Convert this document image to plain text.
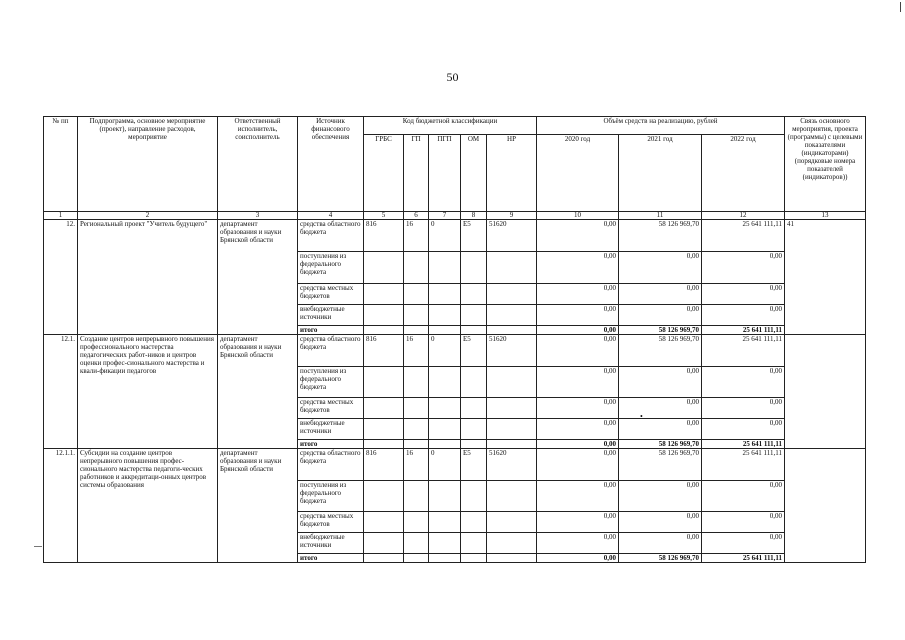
50
№ пп	Подпрограмма, основное мероприятие (проект), направление расходов, мероприятие	Ответственный исполнитель, соисполнитель	Источник финансового обеспечения	Код бюджетной классификации					Объём средств на реализацию, рублей			Связь основного мероприятия, проекта (программы) с целевыми показателями (индикаторами) (порядковые номера показателей (индикаторов))
				ГРБС	ГП	ПГП	ОМ	НР	2020 год	2021 год	2022 год	
1	2	3	4	5	6	7	8	9	10	11	12	13
12.	Региональный проект "Учитель будущего"	департамент образования и науки Брянской области	средства областного бюджета	816	16	0	E5	51620	0,00	58 126 969,70	25 641 111,11	41
			поступления из федерального бюджета						0,00	0,00	0,00	
			средства местных бюджетов						0,00	0,00	0,00	
			внебюджетные источники						0,00	0,00	0,00	
			итого						0,00	58 126 969,70	25 641 111,11	
12.1.	Создание центров непрерывного повышения профессионального мастерства педагогических работ-ников и центров оценки профес-сионального мастерства и квали-фикации педагогов	департамент образования и науки Брянской области	средства областного бюджета	816	16	0	E5	51620	0,00	58 126 969,70	25 641 111,11	
			поступления из федерального бюджета						0,00	0,00	0,00	
			средства местных бюджетов						0,00	0,00	0,00	
			внебюджетные источники						0,00	0,00	0,00	
			итого						0,00	58 126 969,70	25 641 111,11	
12.1.1.	Субсидии на создание центров непрерывного повышения профес-сионального мастерства педагоги-ческих работников и аккредитаци-онных центров системы образования	департамент образования и науки Брянской области	средства областного бюджета	816	16	0	E5	51620	0,00	58 126 969,70	25 641 111,11	
			поступления из федерального бюджета						0,00	0,00	0,00	
			средства местных бюджетов						0,00	0,00	0,00	
			внебюджетные источники						0,00	0,00	0,00	
			итого						0,00	58 126 969,70	25 641 111,11	
•
